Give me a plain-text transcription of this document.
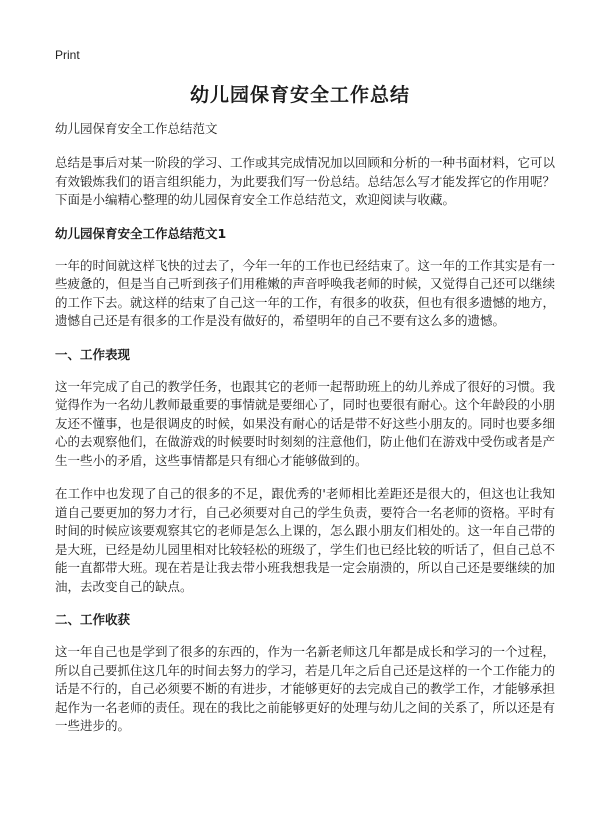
Print
幼儿园保育安全工作总结

幼儿园保育安全工作总结范文

总结是事后对某一阶段的学习、工作或其完成情况加以回顾和分析的一种书面材料，它可以有效锻炼我们的语言组织能力，为此要我们写一份总结。总结怎么写才能发挥它的作用呢？下面是小编精心整理的幼儿园保育安全工作总结范文，欢迎阅读与收藏。

幼儿园保育安全工作总结范文1

一年的时间就这样飞快的过去了，今年一年的工作也已经结束了。这一年的工作其实是有一些疲惫的，但是当自己听到孩子们用稚嫩的声音呼唤我老师的时候，又觉得自己还可以继续的工作下去。就这样的结束了自己这一年的工作，有很多的收获，但也有很多遗憾的地方，遗憾自己还是有很多的工作是没有做好的，希望明年的自己不要有这么多的遗憾。

一、工作表现

这一年完成了自己的教学任务，也跟其它的老师一起帮助班上的幼儿养成了很好的习惯。我觉得作为一名幼儿教师最重要的事情就是要细心了，同时也要很有耐心。这个年龄段的小朋友还不懂事，也是很调皮的时候，如果没有耐心的话是带不好这些小朋友的。同时也要多细心的去观察他们，在做游戏的时候要时时刻刻的注意他们，防止他们在游戏中受伤或者是产生一些小的矛盾，这些事情都是只有细心才能够做到的。

在工作中也发现了自己的很多的不足，跟优秀的'老师相比差距还是很大的，但这也让我知道自己要更加的努力才行，自己必须要对自己的学生负责，要符合一名老师的资格。平时有时间的时候应该要观察其它的老师是怎么上课的，怎么跟小朋友们相处的。这一年自己带的是大班，已经是幼儿园里相对比较轻松的班级了，学生们也已经比较的听话了，但自己总不能一直都带大班。现在若是让我去带小班我想我是一定会崩溃的，所以自己还是要继续的加油，去改变自己的缺点。

二、工作收获

这一年自己也是学到了很多的东西的，作为一名新老师这几年都是成长和学习的一个过程，所以自己要抓住这几年的时间去努力的学习，若是几年之后自己还是这样的一个工作能力的话是不行的，自己必须要不断的有进步，才能够更好的去完成自己的教学工作，才能够承担起作为一名老师的责任。现在的我比之前能够更好的处理与幼儿之间的关系了，所以还是有一些进步的。
